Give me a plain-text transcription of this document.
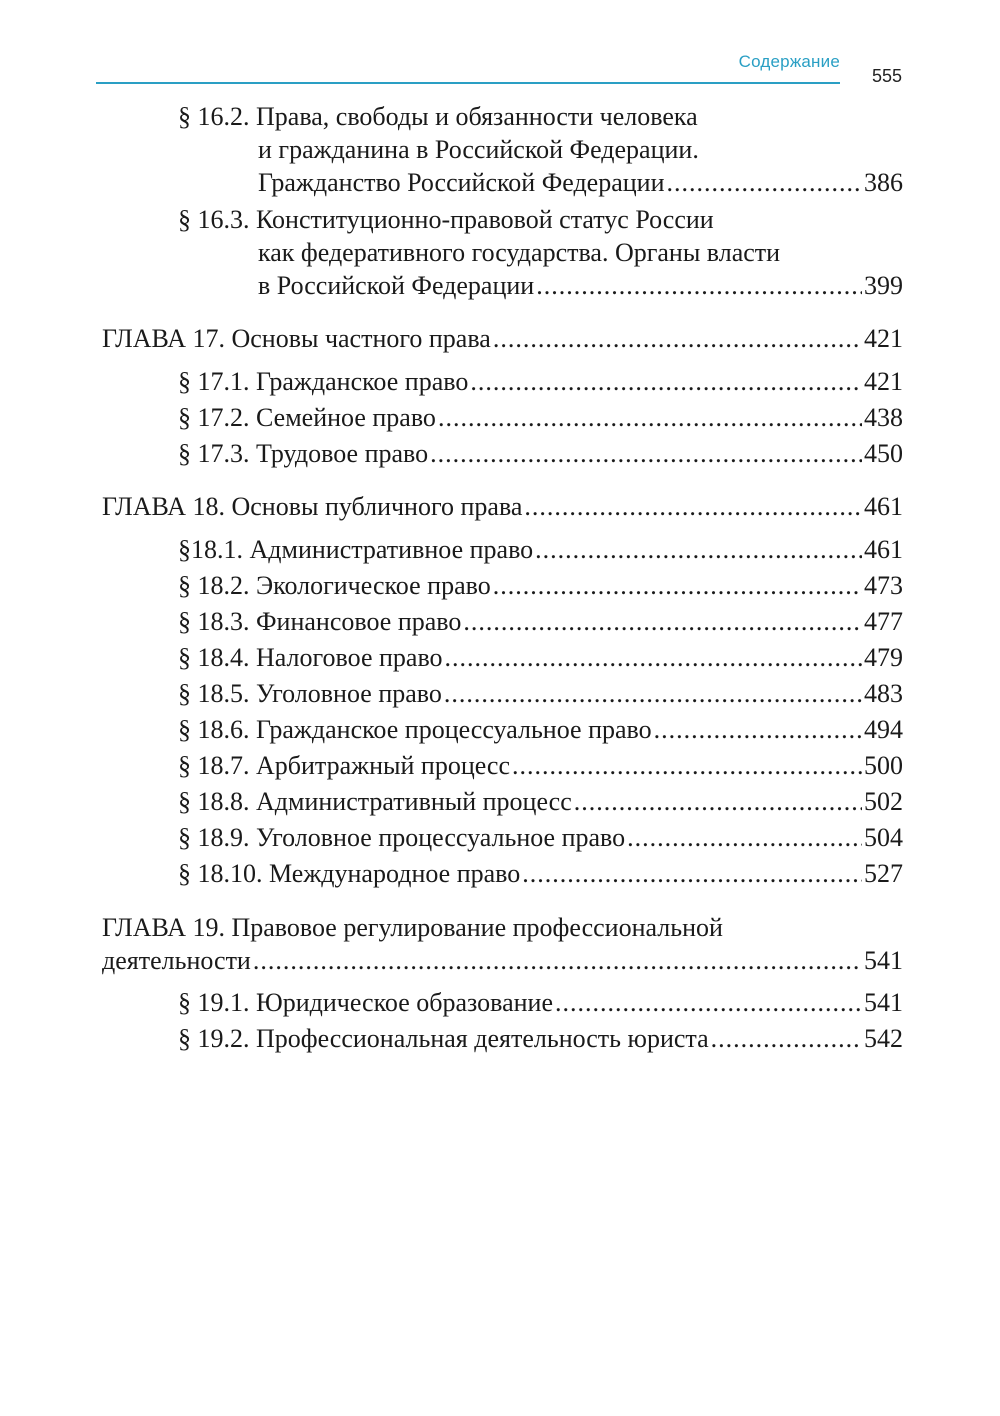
Содержание
555
§ 16.2. Права, свободы и обязанности человека
и гражданина в Российской Федерации.
Гражданство Российской Федерации .....	386
§ 16.3. Конституционно-правовой статус России
как федеративного государства. Органы власти
в Российской Федерации .....	399
ГЛАВА 17. Основы частного права .....	421
§ 17.1. Гражданское право .....	421
§ 17.2. Семейное право .....	438
§ 17.3. Трудовое право .....	450
ГЛАВА 18. Основы публичного права .....	461
§18.1. Административное право .....	461
§ 18.2. Экологическое право .....	473
§ 18.3. Финансовое право .....	477
§ 18.4. Налоговое право .....	479
§ 18.5. Уголовное право .....	483
§ 18.6. Гражданское процессуальное право .....	494
§ 18.7. Арбитражный процесс .....	500
§ 18.8. Административный процесс .....	502
§ 18.9. Уголовное процессуальное право .....	504
§ 18.10. Международное право .....	527
ГЛАВА 19. Правовое регулирование профессиональной
деятельности .....	541
§ 19.1. Юридическое образование .....	541
§ 19.2. Профессиональная деятельность юриста .....	542
